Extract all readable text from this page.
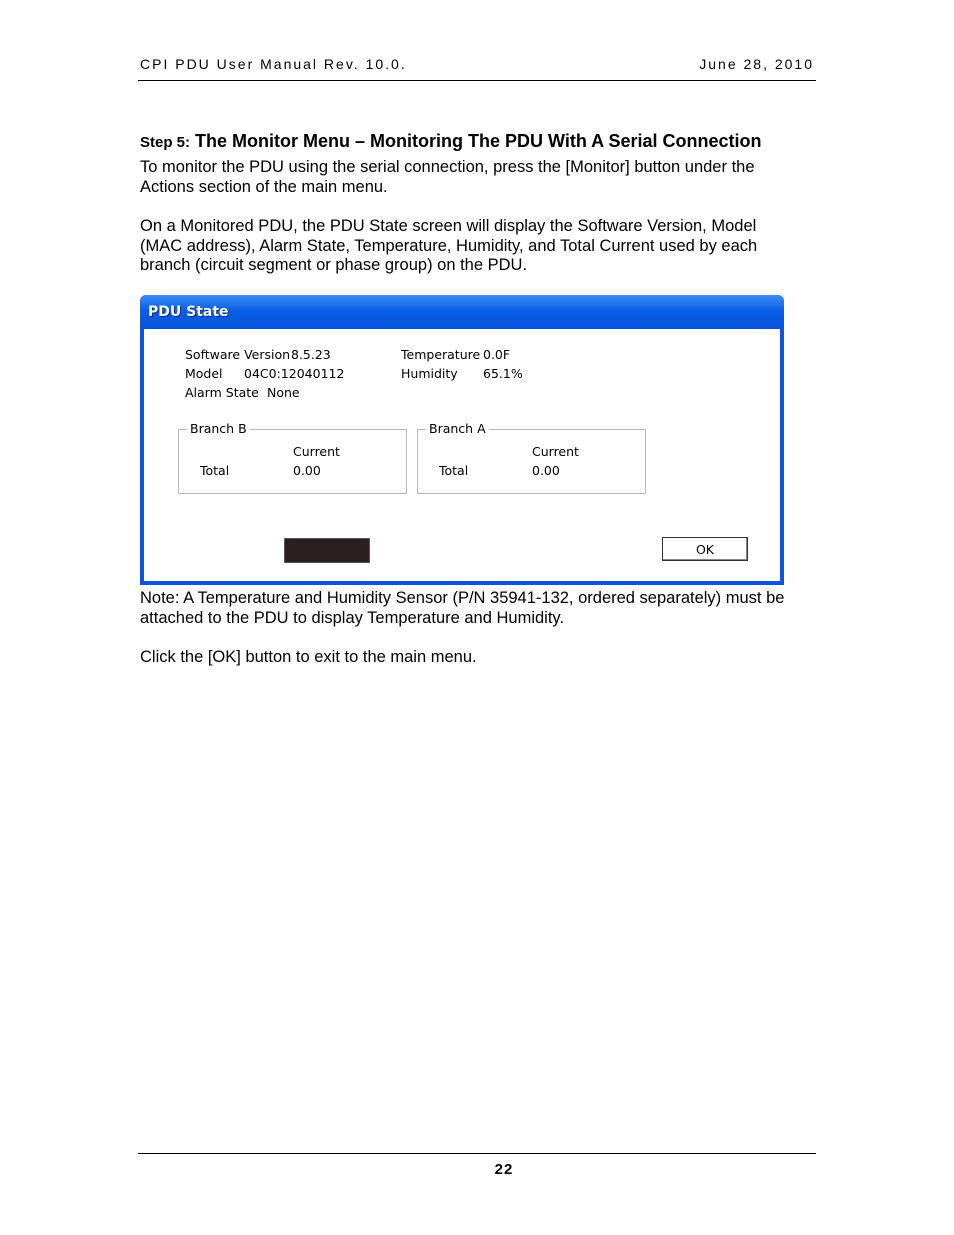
CPI PDU User Manual Rev. 10.0.	June 28, 2010
Step 5: The Monitor Menu – Monitoring The PDU With A Serial Connection

To monitor the PDU using the serial connection, press the [Monitor] button under the Actions section of the main menu.

On a Monitored PDU, the PDU State screen will display the Software Version, Model (MAC address), Alarm State, Temperature, Humidity, and Total Current used by each branch (circuit segment or phase group) on the PDU.

PDU State
Software Version 8.5.23
Model 04C0:12040112
Alarm State None
Temperature 0.0F
Humidity 65.1%
Branch B
Current
Total	0.00
Branch A
Current
Total	0.00
OK

Note: A Temperature and Humidity Sensor (P/N 35941-132, ordered separately) must be attached to the PDU to display Temperature and Humidity.

Click the [OK] button to exit to the main menu.

22
